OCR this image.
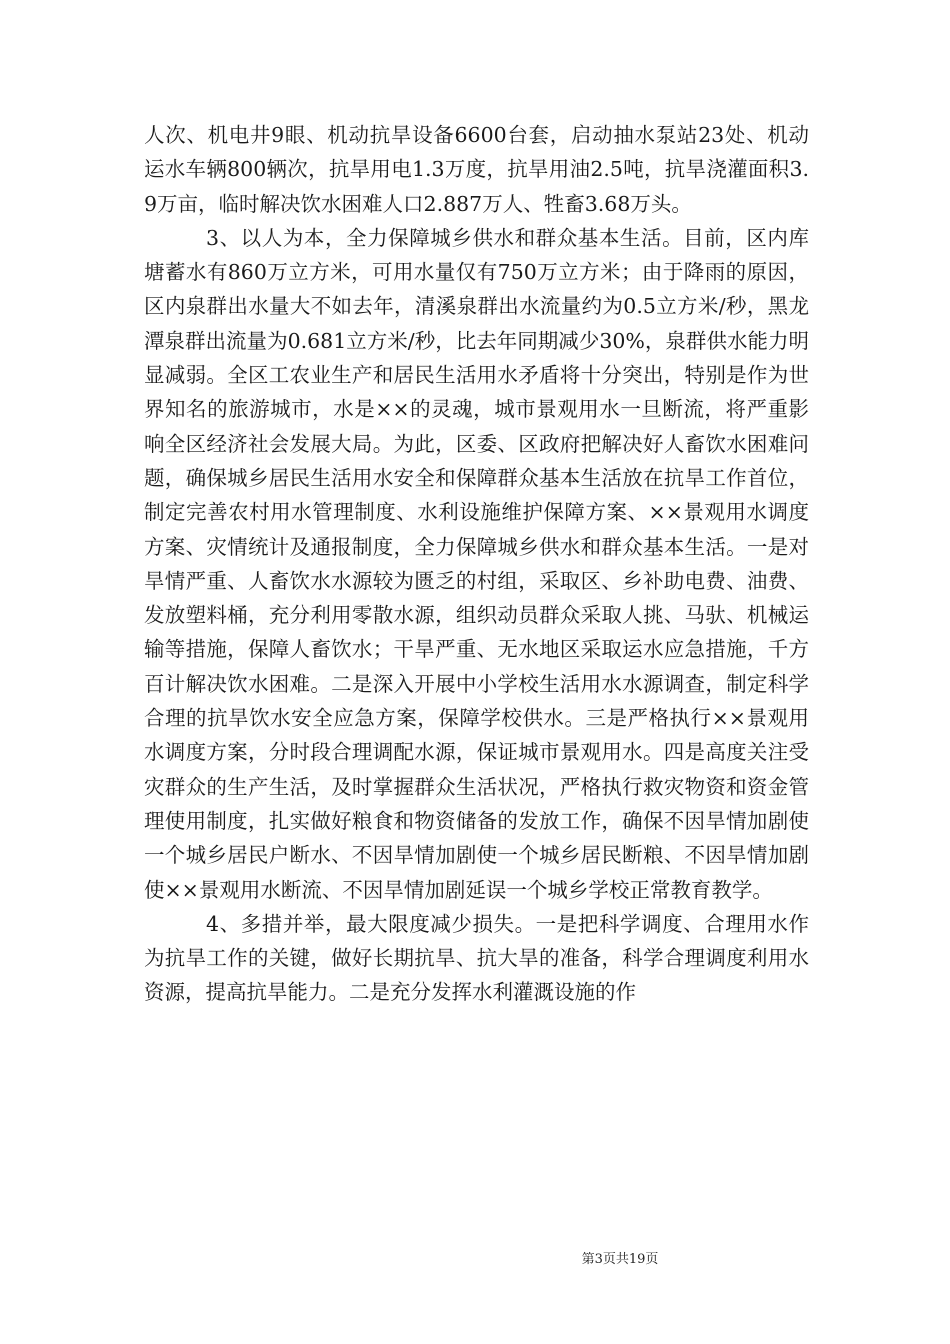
人次、机电井9眼、机动抗旱设备6600台套，启动抽水泵站23处、机动运水车辆800辆次，抗旱用电1.3万度，抗旱用油2.5吨，抗旱浇灌面积3.9万亩，临时解决饮水困难人口2.887万人、牲畜3.68万头。

3、以人为本，全力保障城乡供水和群众基本生活。目前，区内库塘蓄水有860万立方米，可用水量仅有750万立方米；由于降雨的原因，区内泉群出水量大不如去年，清溪泉群出水流量约为0.5立方米/秒，黑龙潭泉群出流量为0.681立方米/秒，比去年同期减少30%，泉群供水能力明显减弱。全区工农业生产和居民生活用水矛盾将十分突出，特别是作为世界知名的旅游城市，水是××的灵魂，城市景观用水一旦断流，将严重影响全区经济社会发展大局。为此，区委、区政府把解决好人畜饮水困难问题，确保城乡居民生活用水安全和保障群众基本生活放在抗旱工作首位，制定完善农村用水管理制度、水利设施维护保障方案、××景观用水调度方案、灾情统计及通报制度，全力保障城乡供水和群众基本生活。一是对旱情严重、人畜饮水水源较为匮乏的村组，采取区、乡补助电费、油费、发放塑料桶，充分利用零散水源，组织动员群众采取人挑、马驮、机械运输等措施，保障人畜饮水；干旱严重、无水地区采取运水应急措施，千方百计解决饮水困难。二是深入开展中小学校生活用水水源调查，制定科学合理的抗旱饮水安全应急方案，保障学校供水。三是严格执行××景观用水调度方案，分时段合理调配水源，保证城市景观用水。四是高度关注受灾群众的生产生活，及时掌握群众生活状况，严格执行救灾物资和资金管理使用制度，扎实做好粮食和物资储备的发放工作，确保不因旱情加剧使一个城乡居民户断水、不因旱情加剧使一个城乡居民断粮、不因旱情加剧使××景观用水断流、不因旱情加剧延误一个城乡学校正常教育教学。

4、多措并举，最大限度减少损失。一是把科学调度、合理用水作为抗旱工作的关键，做好长期抗旱、抗大旱的准备，科学合理调度利用水资源，提高抗旱能力。二是充分发挥水利灌溉设施的作

第3页共19页
